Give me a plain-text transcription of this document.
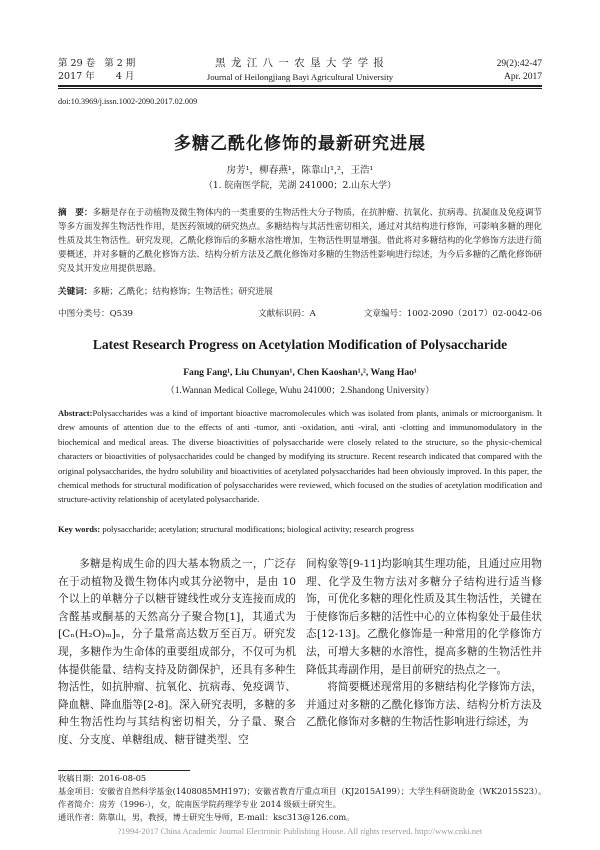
第 29 卷 第 2 期
2017 年 4 月
黑 龙 江 八 一 农 垦 大 学 学 报
Journal of Heilongjiang Bayi Agricultural University
29(2):42-47
Apr. 2017
doi:10.3969/j.issn.1002-2090.2017.02.009
多糖乙酰化修饰的最新研究进展
房芳¹，柳春燕¹，陈靠山¹,²，王浩¹
（1. 皖南医学院，芜湖 241000；2.山东大学）
摘　要：多糖是存在于动植物及微生物体内的一类重要的生物活性大分子物质，在抗肿瘤、抗氧化、抗病毒、抗凝血及免疫调节等多方面发挥生物活性作用，是医药领域的研究热点。多糖结构与其活性密切相关，通过对其结构进行修饰，可影响多糖的理化性质及其生物活性。研究发现，乙酰化修饰后的多糖水溶性增加，生物活性明显增强。借此将对多糖结构的化学修饰方法进行简要概述，并对多糖的乙酰化修饰方法、结构分析方法及乙酰化修饰对多糖的生物活性影响进行综述，为今后多糖的乙酰化修饰研究及其开发应用提供思路。
关键词：多糖；乙酰化；结构修饰；生物活性；研究进展
中图分类号：Q539	文献标识码：A	文章编号：1002-2090（2017）02-0042-06
Latest Research Progress on Acetylation Modification of Polysaccharide
Fang Fang¹, Liu Chunyan¹, Chen Kaoshan¹,², Wang Hao¹
（1.Wannan Medical College, Wuhu 241000；2.Shandong University）
Abstract:Polysaccharides was a kind of important bioactive macromolecules which was isolated from plants, animals or microorganism. It drew amounts of attention due to the effects of anti -tumor, anti -oxidation, anti -viral, anti -clotting and immunomodulatory in the biochemical and medical areas. The diverse bioactivities of polysaccharide were closely related to the structure, so the physic-chemical characters or bioactivities of polysaccharides could be changed by modifying its structure. Recent research indicated that compared with the original polysaccharides, the hydro solubility and bioactivities of acetylated polysaccharides had been obviously improved. In this paper, the chemical methods for structural modification of polysaccharides were reviewed, which focused on the studies of acetylation modification and structure-activity relationship of acetylated polysaccharide.
Key words: polysaccharide; acetylation; structural modifications; biological activity; research progress
多糖是构成生命的四大基本物质之一，广泛存在于动植物及微生物体内或其分泌物中，是由 10 个以上的单糖分子以糖苷键线性或分支连接而成的含醛基或酮基的天然高分子聚合物[1]，其通式为[Cₙ(H₂O)ₘ]ₙ，分子量常高达数万至百万。研究发现，多糖作为生命体的重要组成部分，不仅可为机体提供能量、结构支持及防御保护，还具有多种生物活性，如抗肿瘤、抗氧化、抗病毒、免疫调节、降血糖、降血脂等[2-8]。深入研究表明，多糖的多种生物活性均与其结构密切相关，分子量、聚合度、分支度、单糖组成、糖苷键类型、空

间构象等[9-11]均影响其生理功能，且通过应用物理、化学及生物方法对多糖分子结构进行适当修饰，可优化多糖的理化性质及其生物活性，关键在于使修饰后多糖的活性中心的立体构象处于最佳状态[12-13]。乙酰化修饰是一种常用的化学修饰方法，可增大多糖的水溶性，提高多糖的生物活性并降低其毒副作用，是目前研究的热点之一。

将简要概述现常用的多糖结构化学修饰方法，并通过对多糖的乙酰化修饰方法、结构分析方法及乙酰化修饰对多糖的生物活性影响进行综述，为

收稿日期：2016-08-05
基金项目：安徽省自然科学基金(1408085MH197)；安徽省教育厅重点项目（KJ2015A199）；大学生科研资助金（WK2015S23）。
作者简介：房芳（1996-），女，皖南医学院药理学专业 2014 级硕士研究生。
通讯作者：陈靠山，男，教授，博士研究生导师，E-mail：ksc313@126.com。
?1994-2017 China Academic Journal Electronic Publishing House. All rights reserved. http://www.cnki.net
